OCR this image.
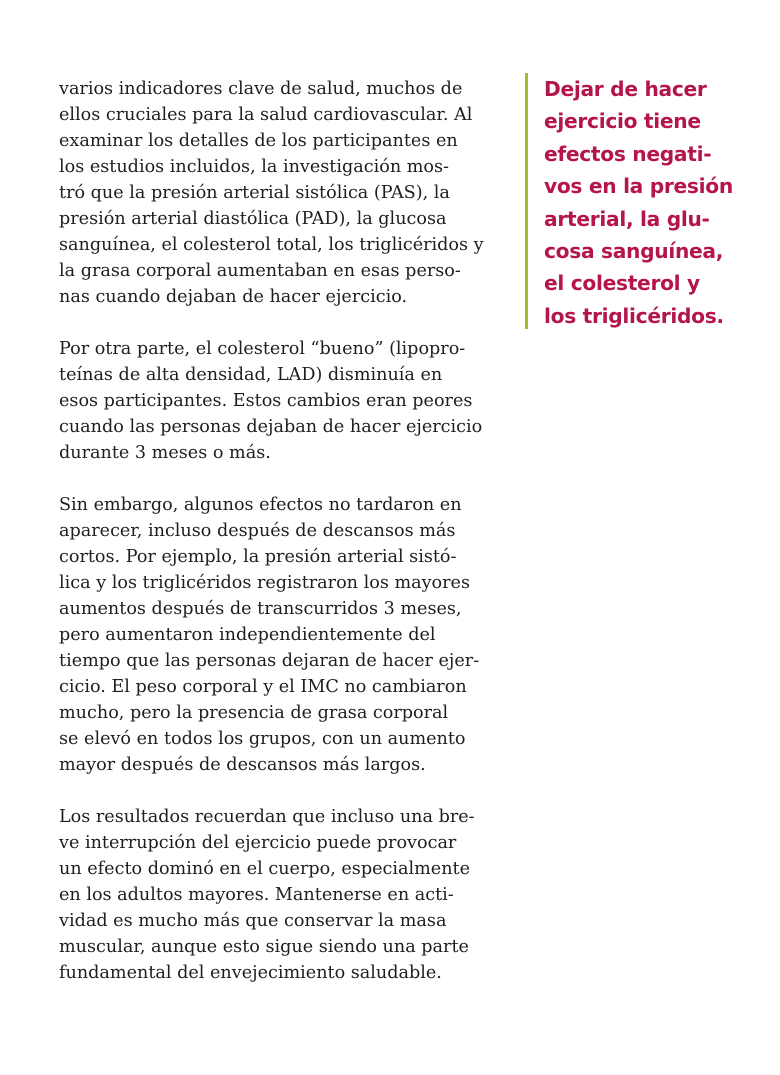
varios indicadores clave de salud, muchos de
ellos cruciales para la salud cardiovascular. Al
examinar los detalles de los participantes en
los estudios incluidos, la investigación mos-
tró que la presión arterial sistólica (PAS), la
presión arterial diastólica (PAD), la glucosa
sanguínea, el colesterol total, los triglicéridos y
la grasa corporal aumentaban en esas perso-
nas cuando dejaban de hacer ejercicio.

Por otra parte, el colesterol “bueno” (lipopro-
teínas de alta densidad, LAD) disminuía en
esos participantes. Estos cambios eran peores
cuando las personas dejaban de hacer ejercicio
durante 3 meses o más.

Sin embargo, algunos efectos no tardaron en
aparecer, incluso después de descansos más
cortos. Por ejemplo, la presión arterial sistó-
lica y los triglicéridos registraron los mayores
aumentos después de transcurridos 3 meses,
pero aumentaron independientemente del
tiempo que las personas dejaran de hacer ejer-
cicio. El peso corporal y el IMC no cambiaron
mucho, pero la presencia de grasa corporal
se elevó en todos los grupos, con un aumento
mayor después de descansos más largos.

Los resultados recuerdan que incluso una bre-
ve interrupción del ejercicio puede provocar
un efecto dominó en el cuerpo, especialmente
en los adultos mayores. Mantenerse en acti-
vidad es mucho más que conservar la masa
muscular, aunque esto sigue siendo una parte
fundamental del envejecimiento saludable.

Dejar de hacer
ejercicio tiene
efectos negati-
vos en la presión
arterial, la glu-
cosa sanguínea,
el colesterol y
los triglicéridos.
